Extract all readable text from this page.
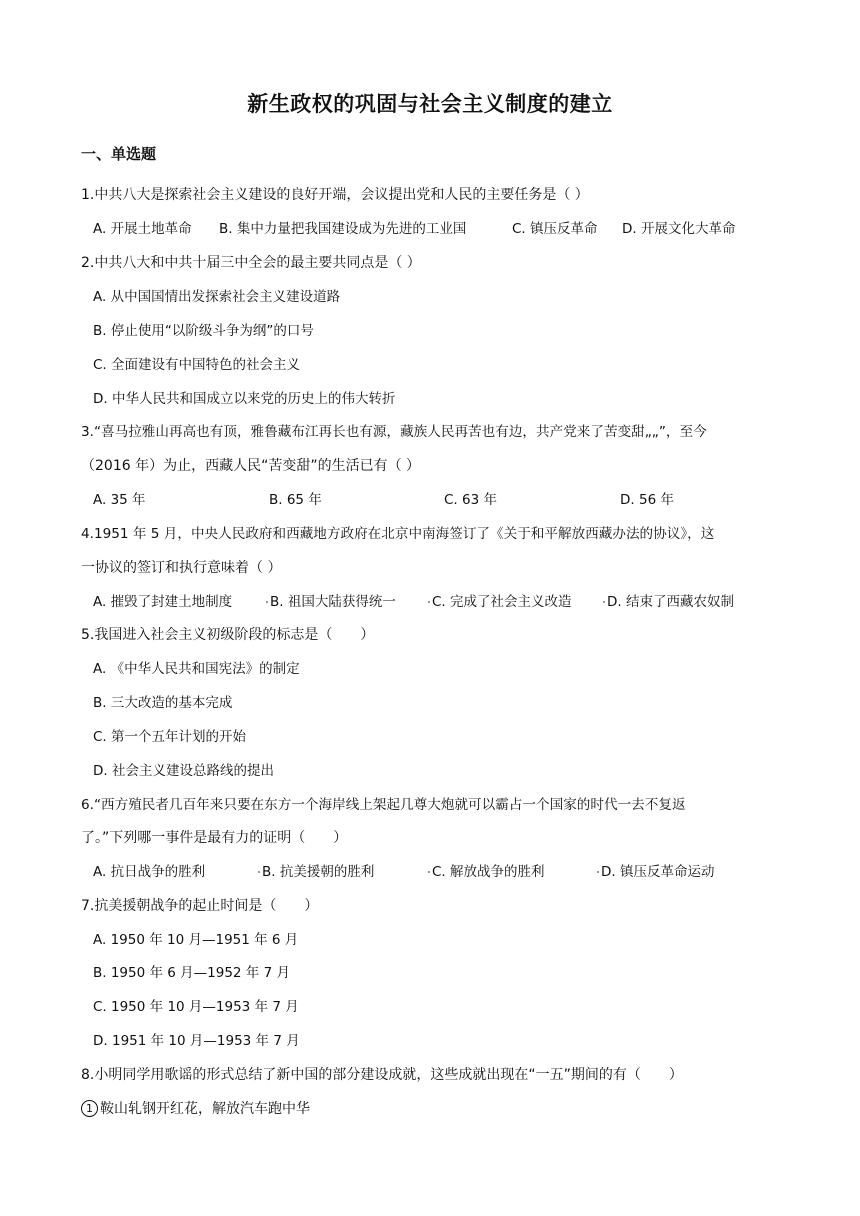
新生政权的巩固与社会主义制度的建立
一、单选题
1.中共八大是探索社会主义建设的良好开端，会议提出党和人民的主要任务是（ ）
A. 开展土地革命 B. 集中力量把我国建设成为先进的工业国	C. 镇压反革命 D. 开展文化大革命
2.中共八大和中共十届三中全会的最主要共同点是（ ）
A. 从中国国情出发探索社会主义建设道路
B. 停止使用“以阶级斗争为纲”的口号
C. 全面建设有中国特色的社会主义
D. 中华人民共和国成立以来党的历史上的伟大转折
3.“喜马拉雅山再高也有顶，雅鲁藏布江再长也有源，藏族人民再苦也有边，共产党来了苦变甜„„”，至今
（2016 年）为止，西藏人民“苦变甜”的生活已有（ ）
A. 35 年	B. 65 年	C. 63 年	D. 56 年
4.1951 年 5 月，中央人民政府和西藏地方政府在北京中南海签订了《关于和平解放西藏办法的协议》，这
一协议的签订和执行意味着（ ）
A. 摧毁了封建土地制度	B. 祖国大陆获得统一	C. 完成了社会主义改造	D. 结束了西藏农奴制
5.我国进入社会主义初级阶段的标志是（　　）
A. 《中华人民共和国宪法》的制定
B. 三大改造的基本完成
C. 第一个五年计划的开始
D. 社会主义建设总路线的提出
6.“西方殖民者几百年来只要在东方一个海岸线上架起几尊大炮就可以霸占一个国家的时代一去不复返
了。”下列哪一事件是最有力的证明（　　）
A. 抗日战争的胜利	B. 抗美援朝的胜利	C. 解放战争的胜利	D. 镇压反革命运动
7.抗美援朝战争的起止时间是（　　）
A. 1950 年 10 月—1951 年 6 月
B. 1950 年 6 月—1952 年 7 月
C. 1950 年 10 月—1953 年 7 月
D. 1951 年 10 月—1953 年 7 月
8.小明同学用歌谣的形式总结了新中国的部分建设成就，这些成就出现在“一五”期间的有（　　）
1 鞍山轧钢开红花，解放汽车跑中华
